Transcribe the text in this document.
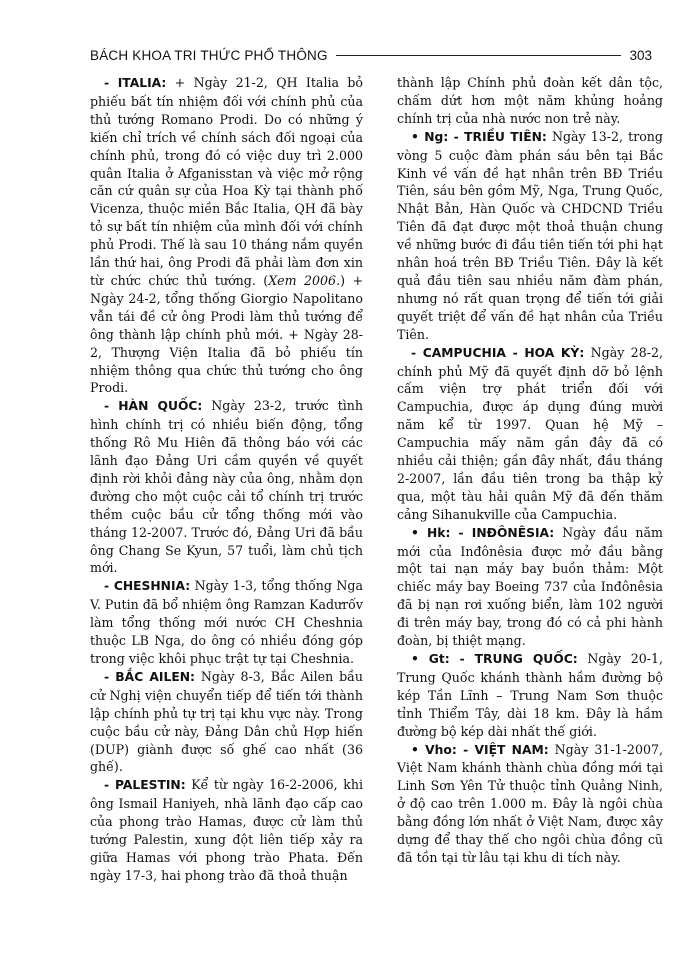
BÁCH KHOA TRI THỨC PHỔ THÔNG	303

- ITALIA: + Ngày 21-2, QH Italia bỏ phiếu bất tín nhiệm đối với chính phủ của thủ tướng Romano Prodi. Do có những ý kiến chỉ trích về chính sách đối ngoại của chính phủ, trong đó có việc duy trì 2.000 quân Italia ở Afganisstan và việc mở rộng căn cứ quân sự của Hoa Kỳ tại thành phố Vicenza, thuộc miền Bắc Italia, QH đã bày tỏ sự bất tín nhiệm của mình đối với chính phủ Prodi. Thế là sau 10 tháng nắm quyền lần thứ hai, ông Prodi đã phải làm đơn xin từ chức chức thủ tướng. (Xem 2006.) + Ngày 24-2, tổng thống Giorgio Napolitano vẫn tái đề cử ông Prodi làm thủ tướng để ông thành lập chính phủ mới. + Ngày 28-2, Thượng Viện Italia đã bỏ phiếu tín nhiệm thông qua chức thủ tướng cho ông Prodi.

- HÀN QUỐC: Ngày 23-2, trước tình hình chính trị có nhiều biến động, tổng thống Rô Mu Hiên đã thông báo với các lãnh đạo Đảng Uri cầm quyền về quyết định rời khỏi đảng này của ông, nhằm dọn đường cho một cuộc cải tổ chính trị trước thềm cuộc bầu cử tổng thống mới vào tháng 12-2007. Trước đó, Đảng Uri đã bầu ông Chang Se Kyun, 57 tuổi, làm chủ tịch mới.

- CHESHNIA: Ngày 1-3, tổng thống Nga V. Putin đã bổ nhiệm ông Ramzan Kadưrốv làm tổng thống mới nước CH Cheshnia thuộc LB Nga, do ông có nhiều đóng góp trong việc khôi phục trật tự tại Cheshnia.

- BẮC AILEN: Ngày 8-3, Bắc Ailen bầu cử Nghị viện chuyển tiếp để tiến tới thành lập chính phủ tự trị tại khu vực này. Trong cuộc bầu cử này, Đảng Dân chủ Hợp hiến (DUP) giành được số ghế cao nhất (36 ghế).

- PALESTIN: Kể từ ngày 16-2-2006, khi ông Ismail Haniyeh, nhà lãnh đạo cấp cao của phong trào Hamas, được cử làm thủ tướng Palestin, xung đột liên tiếp xảy ra giữa Hamas với phong trào Phata. Đến ngày 17-3, hai phong trào đã thoả thuận

thành lập Chính phủ đoàn kết dân tộc, chấm dứt hơn một năm khủng hoảng chính trị của nhà nước non trẻ này.

• Ng: - TRIỀU TIÊN: Ngày 13-2, trong vòng 5 cuộc đàm phán sáu bên tại Bắc Kinh về vấn đề hạt nhân trên BĐ Triều Tiên, sáu bên gồm Mỹ, Nga, Trung Quốc, Nhật Bản, Hàn Quốc và CHDCND Triều Tiên đã đạt được một thoả thuận chung về những bước đi đầu tiên tiến tới phi hạt nhân hoá trên BĐ Triều Tiên. Đây là kết quả đầu tiên sau nhiều năm đàm phán, nhưng nó rất quan trọng để tiến tới giải quyết triệt để vấn đề hạt nhân của Triều Tiên.

- CAMPUCHIA - HOA KỲ: Ngày 28-2, chính phủ Mỹ đã quyết định dỡ bỏ lệnh cấm viện trợ phát triển đối với Campuchia, được áp dụng đúng mười năm kể từ 1997. Quan hệ Mỹ – Campuchia mấy năm gần đây đã có nhiều cải thiện; gần đây nhất, đầu tháng 2-2007, lần đầu tiên trong ba thập kỷ qua, một tàu hải quân Mỹ đã đến thăm cảng Sihanukville của Campuchia.

• Hk: - INĐÔNÊSIA: Ngày đầu năm mới của Inđônêsia được mở đầu bằng một tai nạn máy bay buồn thảm: Một chiếc máy bay Boeing 737 của Inđônêsia đã bị nạn rơi xuống biển, làm 102 người đi trên máy bay, trong đó có cả phi hành đoàn, bị thiệt mạng.

• Gt: - TRUNG QUỐC: Ngày 20-1, Trung Quốc khánh thành hầm đường bộ kép Tần Lĩnh – Trung Nam Sơn thuộc tỉnh Thiểm Tây, dài 18 km. Đây là hầm đường bộ kép dài nhất thế giới.

• Vho: - VIỆT NAM: Ngày 31-1-2007, Việt Nam khánh thành chùa đồng mới tại Linh Sơn Yên Tử thuộc tỉnh Quảng Ninh, ở độ cao trên 1.000 m. Đây là ngôi chùa bằng đồng lớn nhất ở Việt Nam, được xây dựng để thay thế cho ngôi chùa đồng cũ đã tồn tại từ lâu tại khu di tích này.
